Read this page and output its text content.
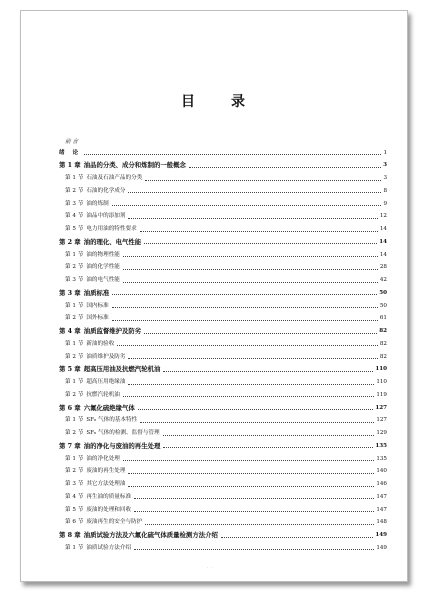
目 录
前 言
绪 论	1
第 1 章 油品的分类、成分和炼制的一般概念	3
第 1 节 石油及石油产品的分类	3
第 2 节 石油的化学成分	8
第 3 节 油的炼制	9
第 4 节 油品中的添加剂	12
第 5 节 电力用油的特性要求	14
第 2 章 油的理化、电气性能	14
第 1 节 油的物理性能	14
第 2 节 油的化学性能	28
第 3 节 油的电气性能	42
第 3 章 油质标准	50
第 1 节 国内标准	50
第 2 节 国外标准	61
第 4 章 油质监督维护及防劣	82
第 1 节 新油的验收	82
第 2 节 油质维护及防劣	82
第 5 章 超高压用油及抗燃汽轮机油	110
第 1 节 超高压用绝缘油	110
第 2 节 抗燃汽轮机油	119
第 6 章 六氟化硫绝缘气体	127
第 1 节 SF₆ 气体的基本特性	127
第 2 节 SF₆ 气体的检测、监督与管理	129
第 7 章 油的净化与废油的再生处理	135
第 1 节 油的净化处理	135
第 2 节 废油的再生处理	140
第 3 节 其它方法处理油	146
第 4 节 再生油的质量标准	147
第 5 节 废油的处理和回收	147
第 6 节 废油再生的安全与防护	148
第 8 章 油质试验方法及六氟化硫气体质量检测方法介绍	149
第 1 节 油质试验方法介绍	149
. .
